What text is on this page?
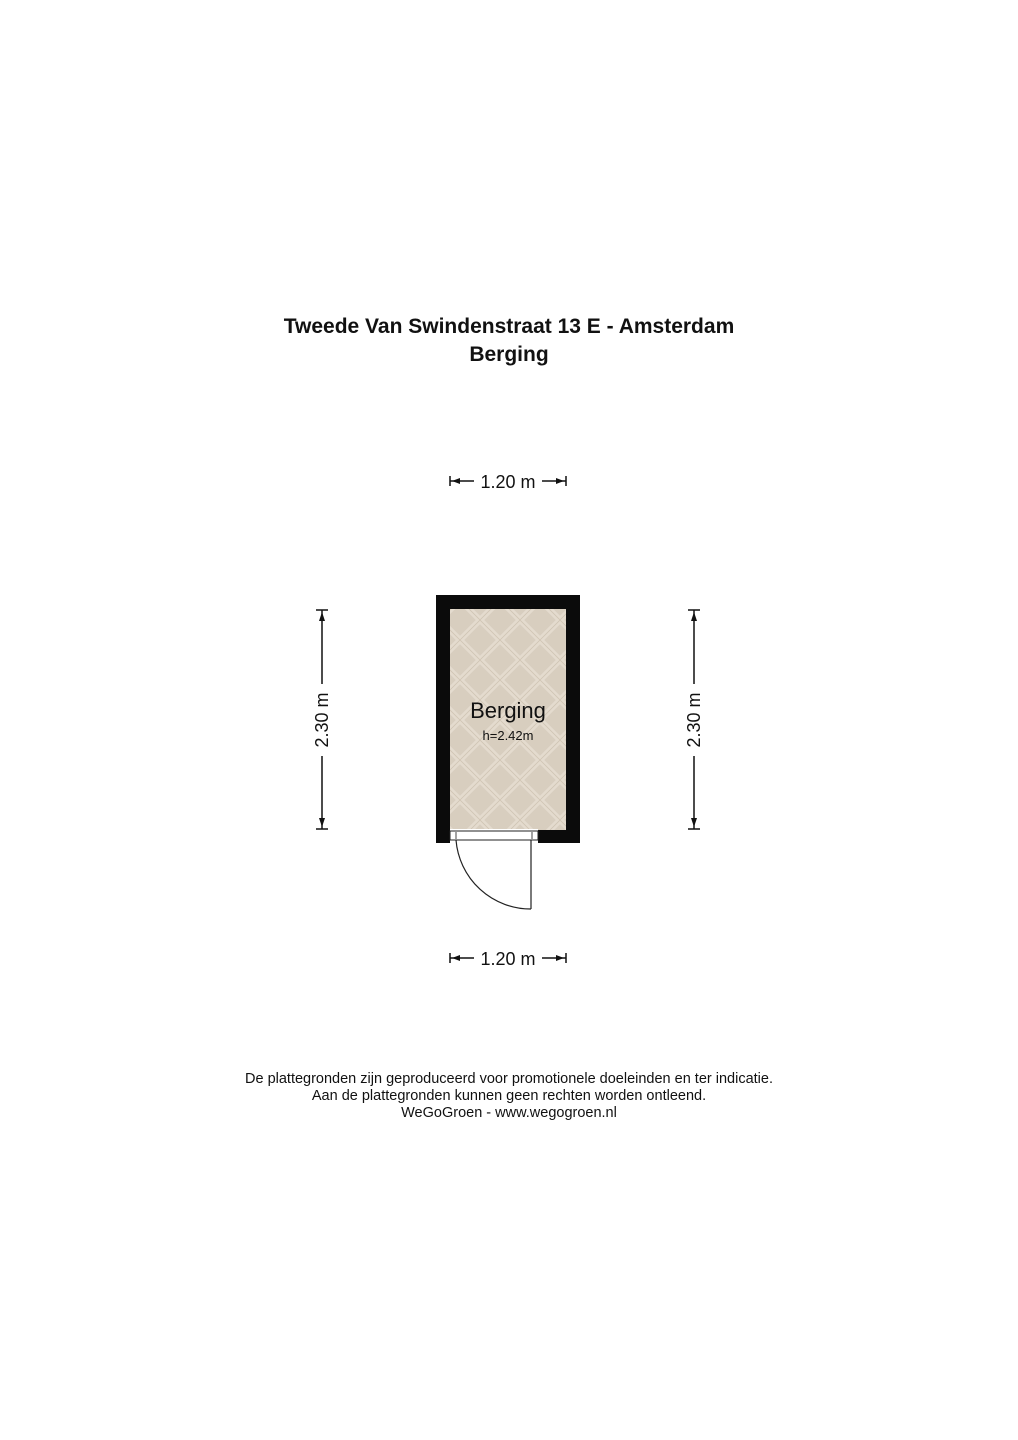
Tweede Van Swindenstraat 13 E - Amsterdam
Berging
1.20 m
1.20 m
2.30 m	2.30 m
Berging
h=2.42m
De plattegronden zijn geproduceerd voor promotionele doeleinden en ter indicatie.
Aan de plattegronden kunnen geen rechten worden ontleend.
WeGoGroen - www.wegogroen.nl
